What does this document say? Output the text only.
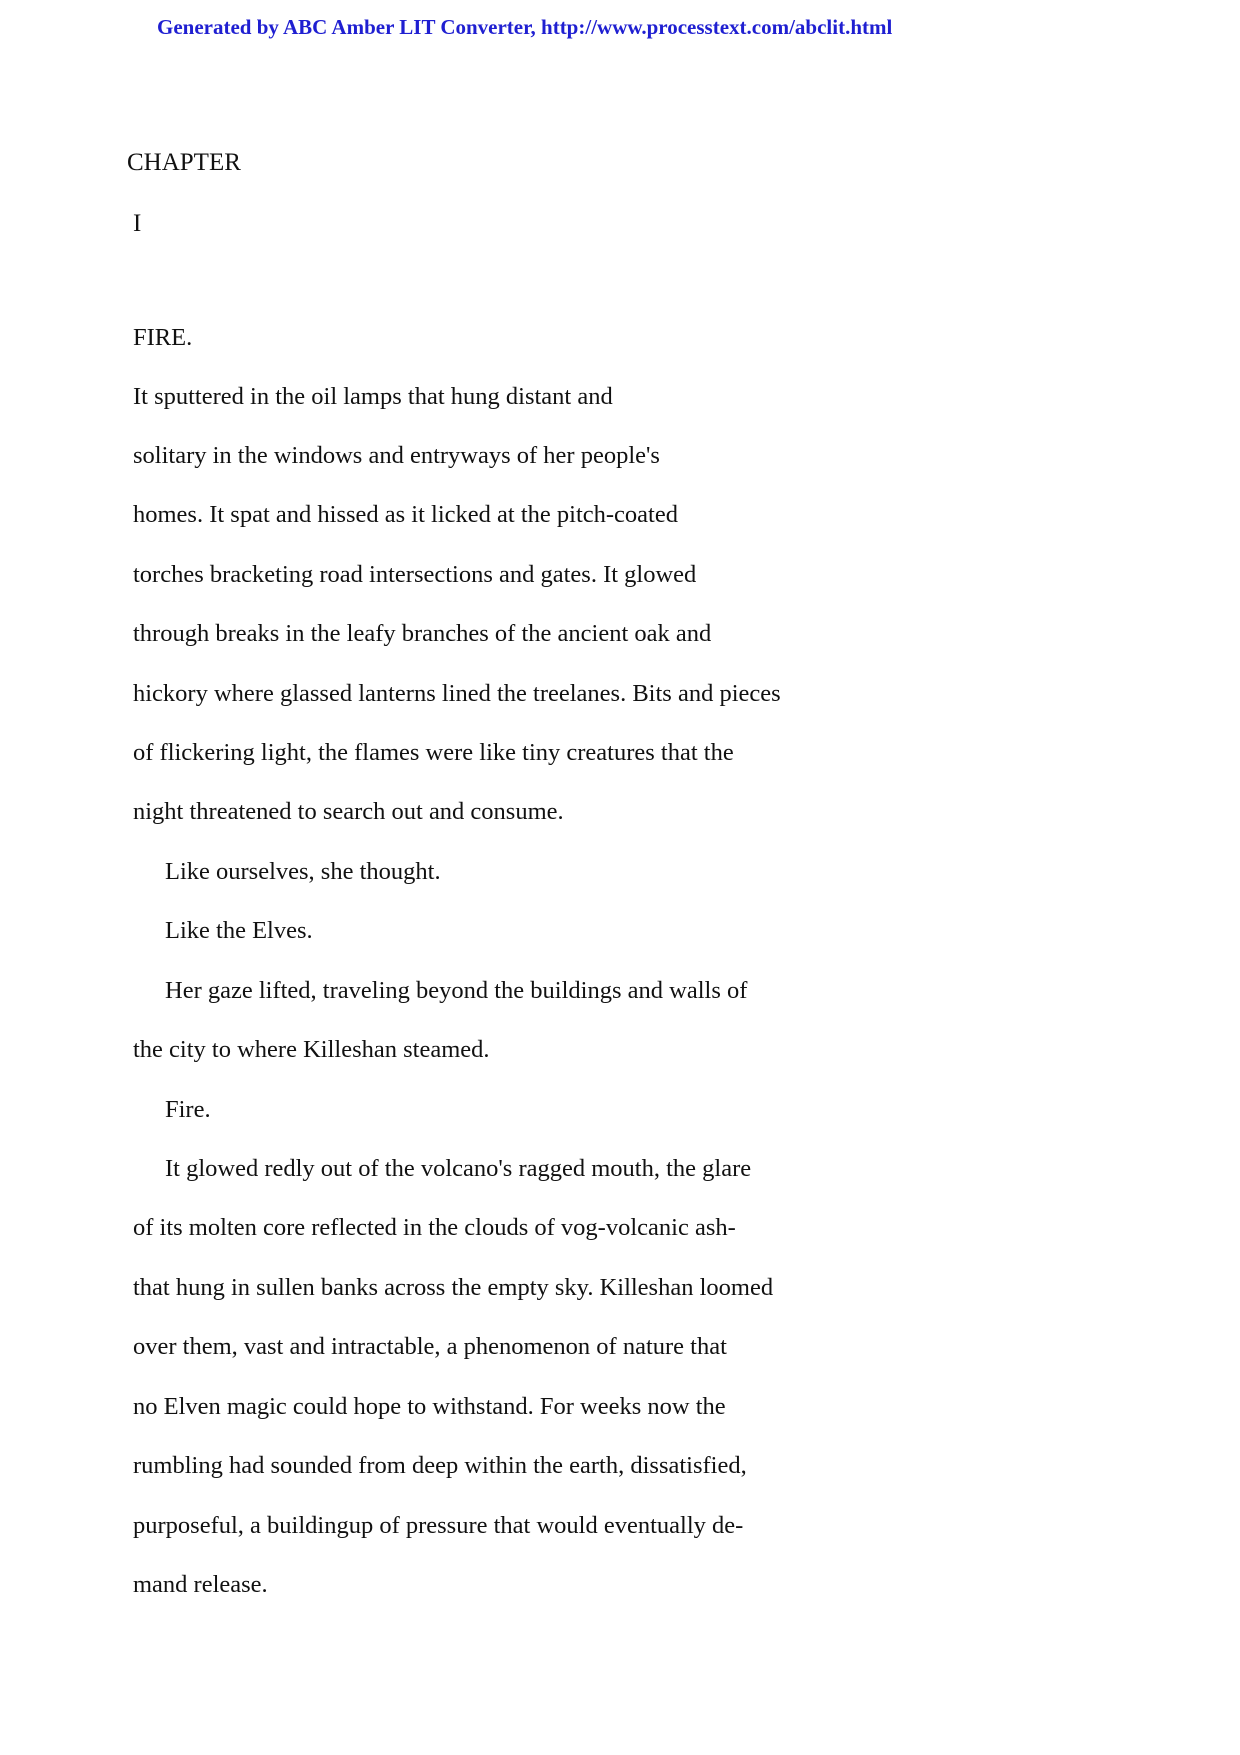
Generated by ABC Amber LIT Converter, http://www.processtext.com/abclit.html
CHAPTER
I
FIRE.
It sputtered in the oil lamps that hung distant and
solitary in the windows and entryways of her people's
homes. It spat and hissed as it licked at the pitch-coated
torches bracketing road intersections and gates. It glowed
through breaks in the leafy branches of the ancient oak and
hickory where glassed lanterns lined the treelanes. Bits and pieces
of flickering light, the flames were like tiny creatures that the
night threatened to search out and consume.
Like ourselves, she thought.
Like the Elves.
Her gaze lifted, traveling beyond the buildings and walls of
the city to where Killeshan steamed.
Fire.
It glowed redly out of the volcano's ragged mouth, the glare
of its molten core reflected in the clouds of vog-volcanic ash-
that hung in sullen banks across the empty sky. Killeshan loomed
over them, vast and intractable, a phenomenon of nature that
no Elven magic could hope to withstand. For weeks now the
rumbling had sounded from deep within the earth, dissatisfied,
purposeful, a buildingup of pressure that would eventually de-
mand release.
